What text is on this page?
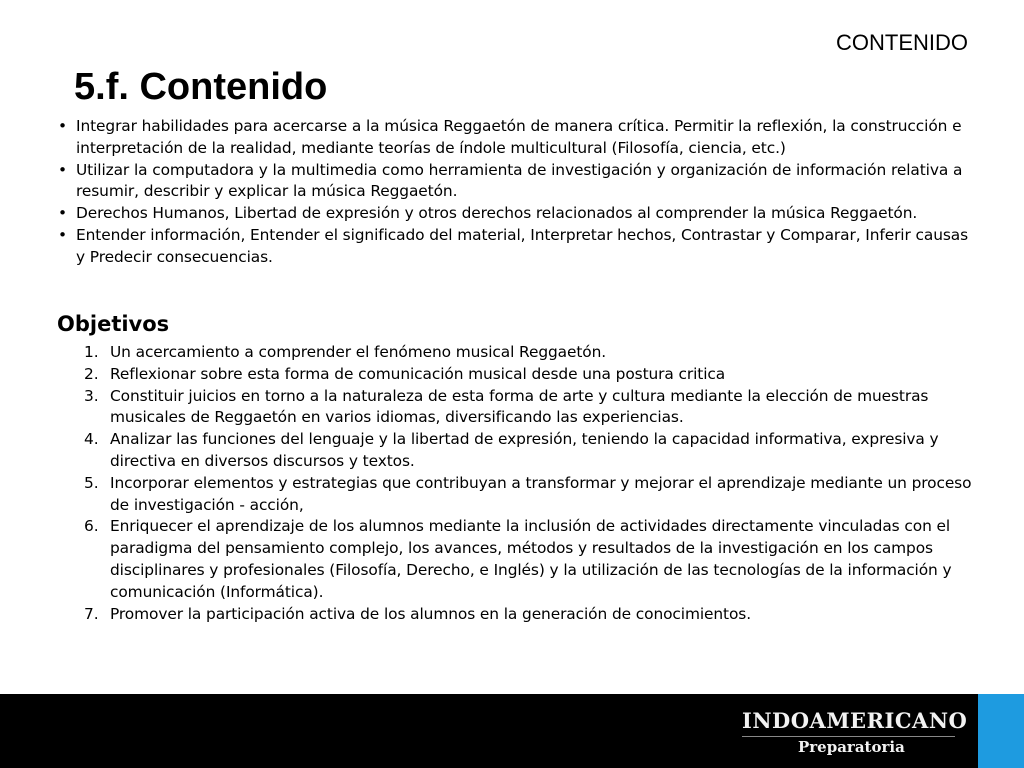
CONTENIDO
5.f. Contenido
• Integrar habilidades para acercarse a la música Reggaetón de manera crítica. Permitir la reflexión, la construcción e interpretación de la realidad, mediante teorías de índole multicultural (Filosofía, ciencia, etc.)
• Utilizar la computadora y la multimedia como herramienta de investigación y organización de información relativa a resumir, describir y explicar la música Reggaetón.
• Derechos Humanos, Libertad de expresión y otros derechos relacionados al comprender la música Reggaetón.
• Entender información, Entender el significado del material, Interpretar hechos, Contrastar y Comparar, Inferir causas y Predecir consecuencias.
Objetivos
1. Un acercamiento a comprender el fenómeno musical Reggaetón.
2. Reflexionar sobre esta forma de comunicación musical desde una postura critica
3. Constituir juicios en torno a la naturaleza de esta forma de arte y cultura mediante la elección de muestras musicales de Reggaetón en varios idiomas, diversificando las experiencias.
4. Analizar las funciones del lenguaje y la libertad de expresión, teniendo la capacidad informativa, expresiva y directiva en diversos discursos y textos.
5. Incorporar elementos y estrategias que contribuyan a transformar y mejorar el aprendizaje mediante un proceso de investigación - acción,
6. Enriquecer el aprendizaje de los alumnos mediante la inclusión de actividades directamente vinculadas con el paradigma del pensamiento complejo, los avances, métodos y resultados de la investigación en los campos disciplinares y profesionales (Filosofía, Derecho, e Inglés) y la utilización de las tecnologías de la información y comunicación (Informática).
7. Promover la participación activa de los alumnos en la generación de conocimientos.
INDOAMERICANO
Preparatoria
